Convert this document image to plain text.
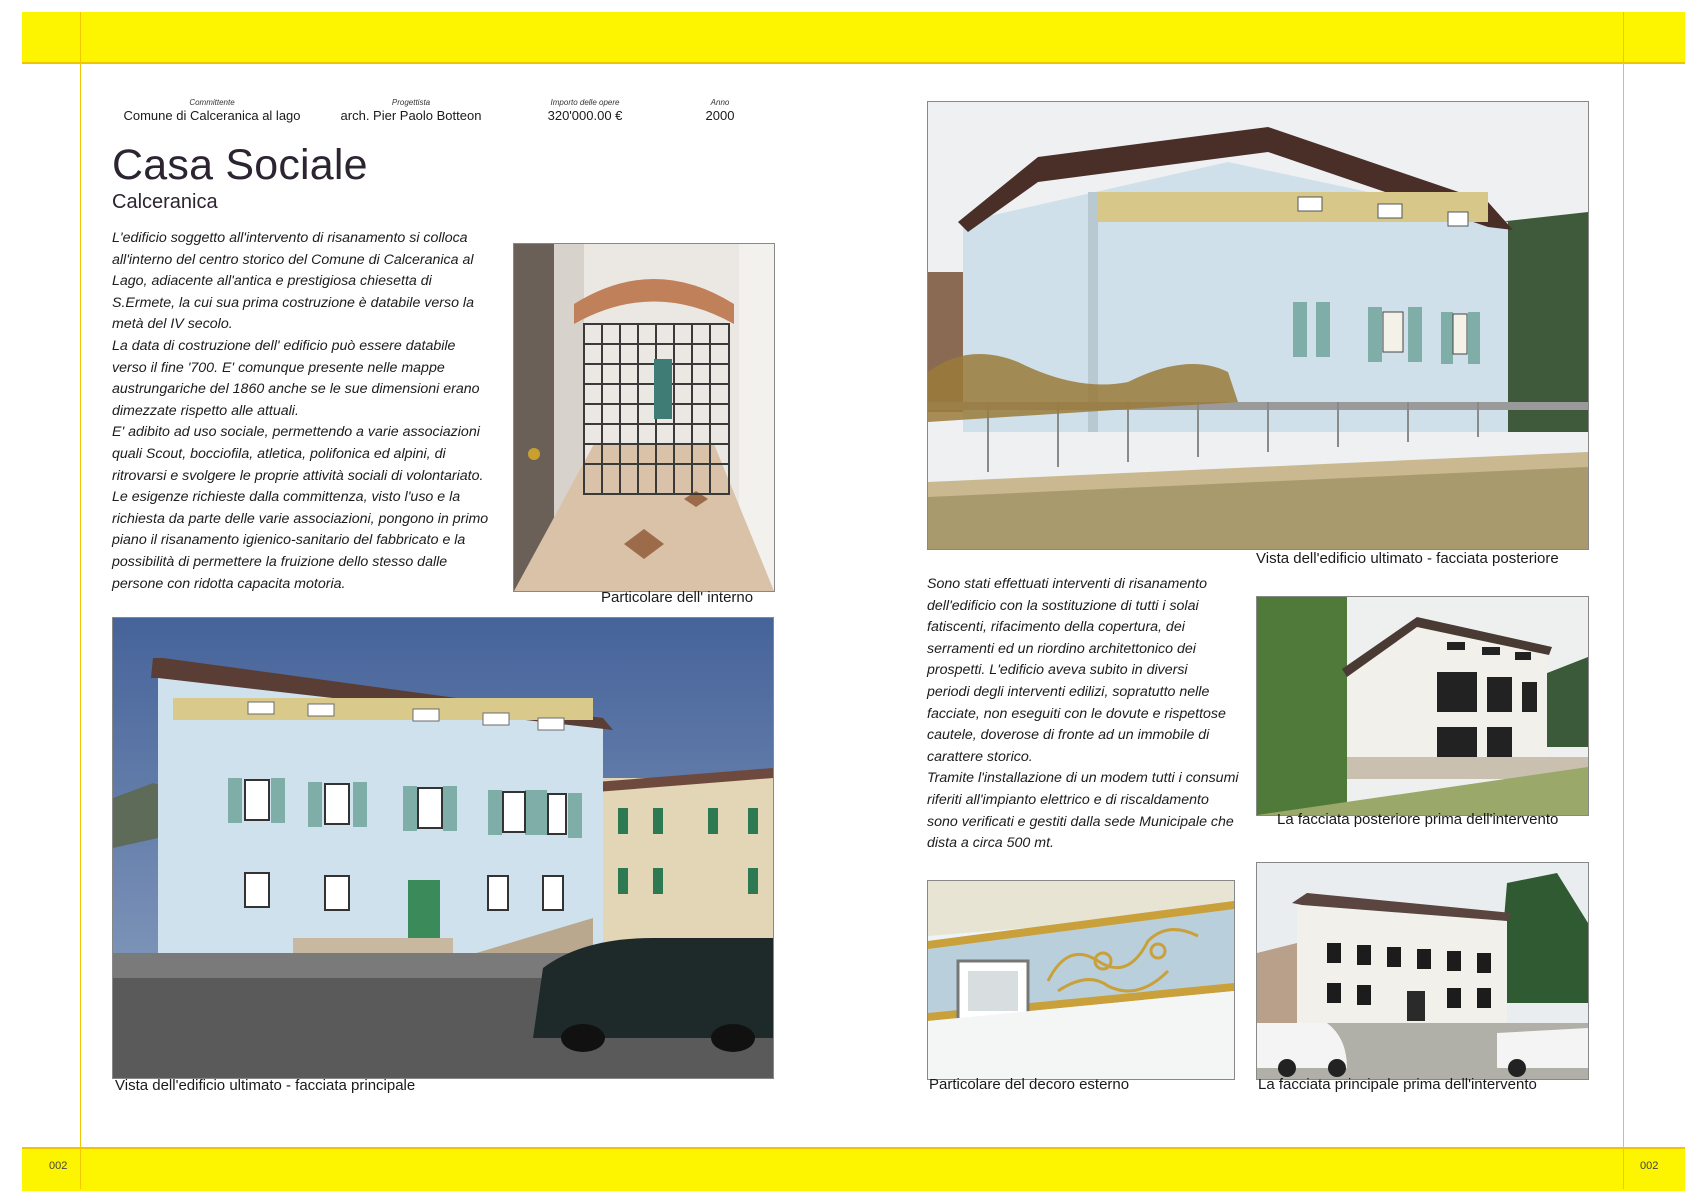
002	002
Committente
Comune di Calceranica al lago
Progettista
arch. Pier Paolo Botteon
Importo delle opere
320'000.00 €
Anno
2000
Casa Sociale
Calceranica

L'edificio soggetto all'intervento di risanamento si colloca

all'interno del centro storico del Comune di Calceranica al

Lago, adiacente all'antica e prestigiosa chiesetta di

S.Ermete, la cui sua prima costruzione è databile verso la

metà del IV secolo.

La data di costruzione dell' edificio può essere databile

verso il fine '700. E' comunque presente nelle mappe

austrungariche del 1860 anche se le sue dimensioni erano

dimezzate rispetto alle attuali.

E' adibito ad uso sociale, permettendo a varie associazioni

quali Scout, bocciofila, atletica, polifonica ed alpini, di

ritrovarsi e svolgere le proprie attività sociali di volontariato.

Le esigenze richieste dalla committenza, visto l'uso e la

richiesta da parte delle varie associazioni, pongono in primo

piano il risanamento igienico-sanitario del fabbricato e la

possibilità di permettere la fruizione dello stesso dalle

persone con ridotta capacita motoria.

Particolare dell' interno
Vista dell'edificio ultimato - facciata principale
Vista dell'edificio ultimato - facciata posteriore

Sono stati effettuati interventi di risanamento

dell'edificio con la sostituzione di tutti i solai

fatiscenti, rifacimento della copertura, dei

serramenti ed un riordino architettonico dei

prospetti. L'edificio aveva subito in diversi

periodi degli interventi edilizi, sopratutto nelle

facciate, non eseguiti con le dovute e rispettose

cautele, doverose di fronte ad un immobile di

carattere storico.

Tramite l'installazione di un modem tutti i consumi

riferiti all'impianto elettrico e di riscaldamento

sono verificati e gestiti dalla sede Municipale che

dista a circa 500 mt.

La facciata posteriore prima dell'intervento
Particolare del decoro esterno	La facciata principale prima dell'intervento
